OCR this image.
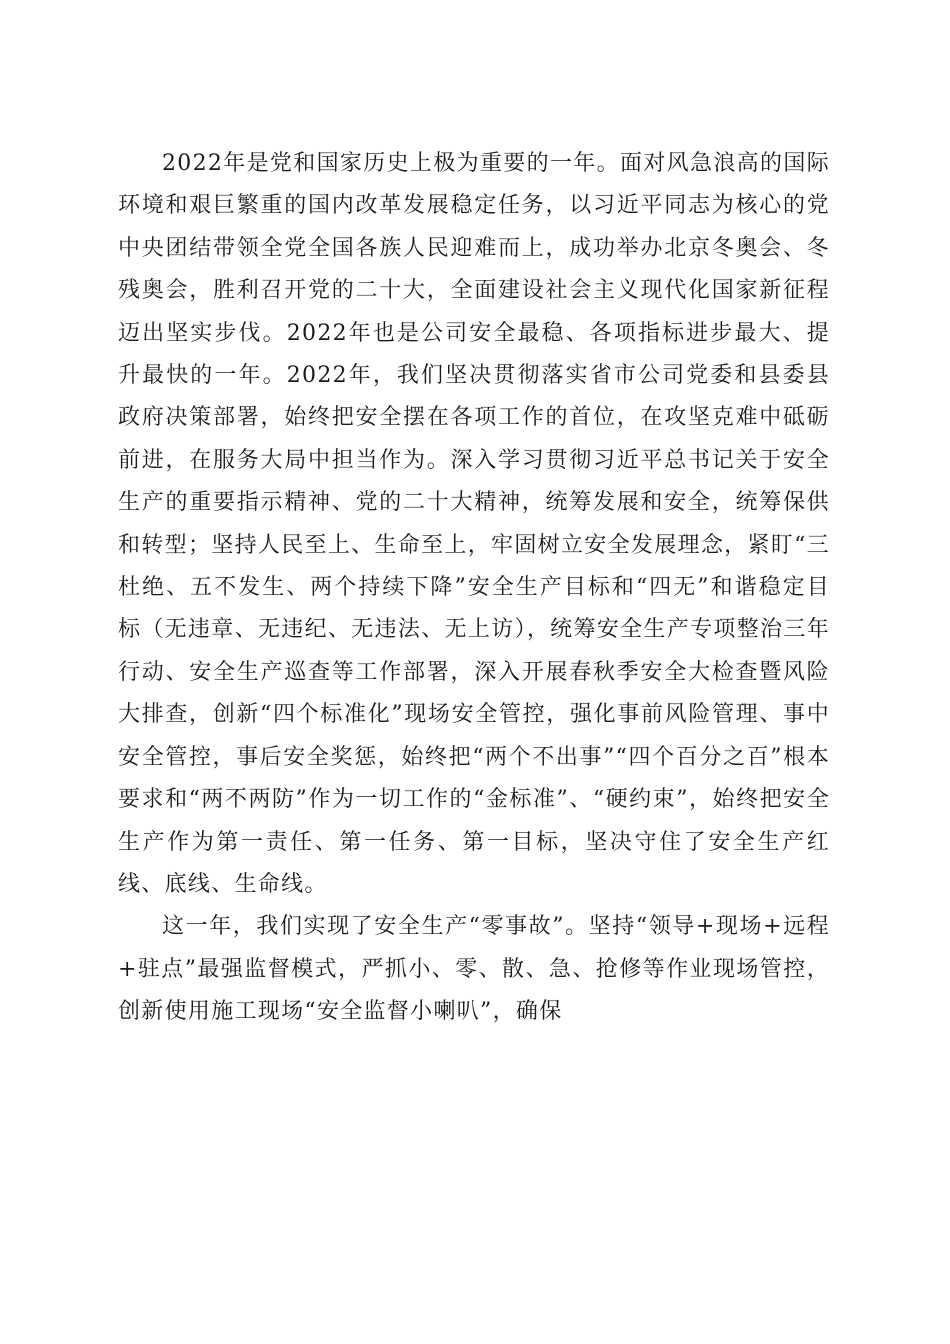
2022年是党和国家历史上极为重要的一年。面对风急浪高的国际环境和艰巨繁重的国内改革发展稳定任务，以习近平同志为核心的党中央团结带领全党全国各族人民迎难而上，成功举办北京冬奥会、冬残奥会，胜利召开党的二十大，全面建设社会主义现代化国家新征程迈出坚实步伐。2022年也是公司安全最稳、各项指标进步最大、提升最快的一年。2022年，我们坚决贯彻落实省市公司党委和县委县政府决策部署，始终把安全摆在各项工作的首位，在攻坚克难中砥砺前进，在服务大局中担当作为。深入学习贯彻习近平总书记关于安全生产的重要指示精神、党的二十大精神，统筹发展和安全，统筹保供和转型；坚持人民至上、生命至上，牢固树立安全发展理念，紧盯“三杜绝、五不发生、两个持续下降”安全生产目标和“四无”和谐稳定目标（无违章、无违纪、无违法、无上访），统筹安全生产专项整治三年行动、安全生产巡查等工作部署，深入开展春秋季安全大检查暨风险大排查，创新“四个标准化”现场安全管控，强化事前风险管理、事中安全管控，事后安全奖惩，始终把“两个不出事”“四个百分之百”根本要求和“两不两防”作为一切工作的“金标准”、“硬约束”，始终把安全生产作为第一责任、第一任务、第一目标，坚决守住了安全生产红线、底线、生命线。

这一年，我们实现了安全生产“零事故”。坚持“领导+现场+远程+驻点”最强监督模式，严抓小、零、散、急、抢修等作业现场管控，创新使用施工现场“安全监督小喇叭”，确保
